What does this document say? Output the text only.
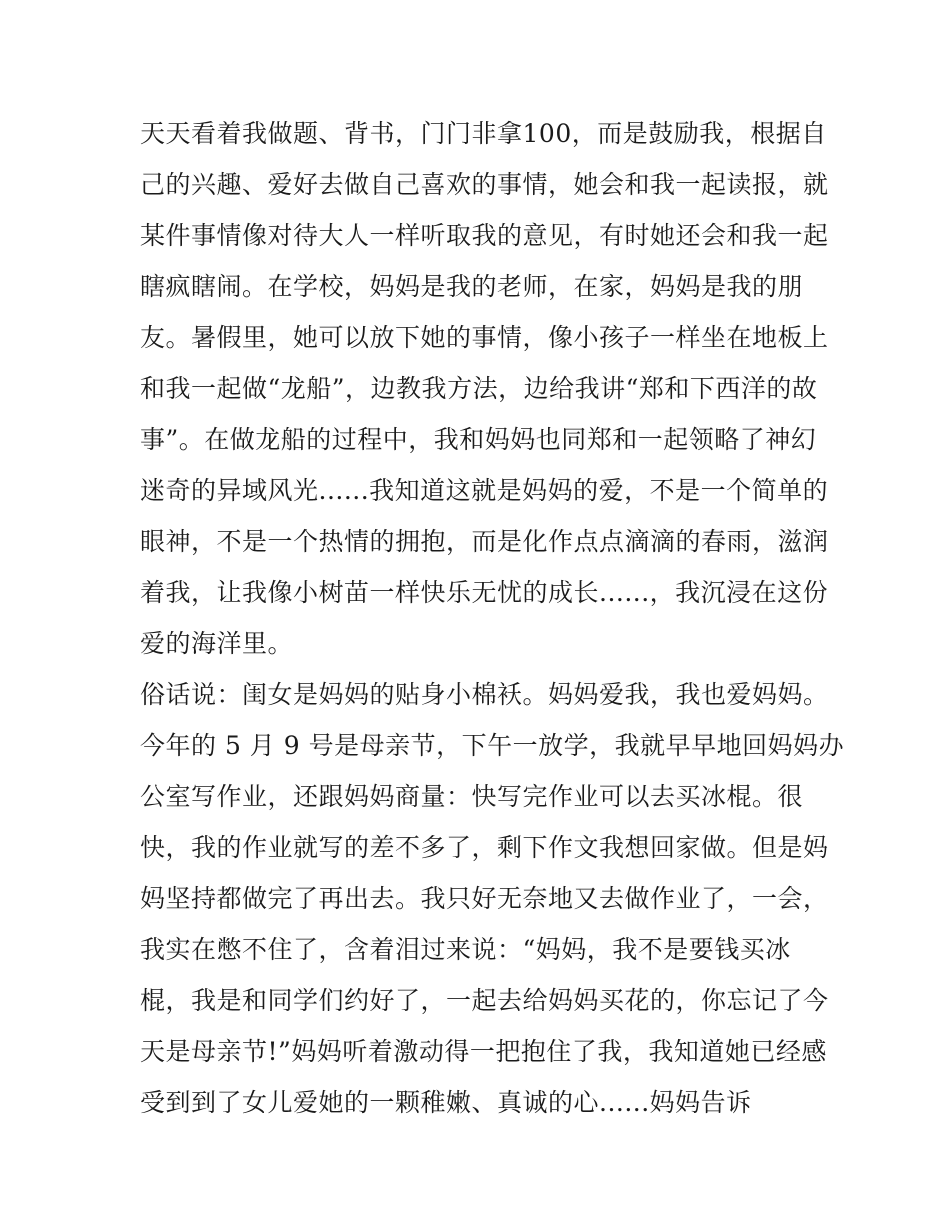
天天看着我做题、背书，门门非拿100，而是鼓励我，根据自
己的兴趣、爱好去做自己喜欢的事情，她会和我一起读报，就
某件事情像对待大人一样听取我的意见，有时她还会和我一起
瞎疯瞎闹。在学校，妈妈是我的老师，在家，妈妈是我的朋
友。暑假里，她可以放下她的事情，像小孩子一样坐在地板上
和我一起做“龙船”，边教我方法，边给我讲“郑和下西洋的故
事”。在做龙船的过程中，我和妈妈也同郑和一起领略了神幻
迷奇的异域风光......我知道这就是妈妈的爱，不是一个简单的
眼神，不是一个热情的拥抱，而是化作点点滴滴的春雨，滋润
着我，让我像小树苗一样快乐无忧的成长......，我沉浸在这份
爱的海洋里。
俗话说：闺女是妈妈的贴身小棉袄。妈妈爱我，我也爱妈妈。
今年的 5 月 9 号是母亲节，下午一放学，我就早早地回妈妈办
公室写作业，还跟妈妈商量：快写完作业可以去买冰棍。很
快，我的作业就写的差不多了，剩下作文我想回家做。但是妈
妈坚持都做完了再出去。我只好无奈地又去做作业了，一会，
我实在憋不住了，含着泪过来说：“妈妈，我不是要钱买冰
棍，我是和同学们约好了，一起去给妈妈买花的，你忘记了今
天是母亲节!”妈妈听着激动得一把抱住了我，我知道她已经感
受到到了女儿爱她的一颗稚嫩、真诚的心......妈妈告诉
